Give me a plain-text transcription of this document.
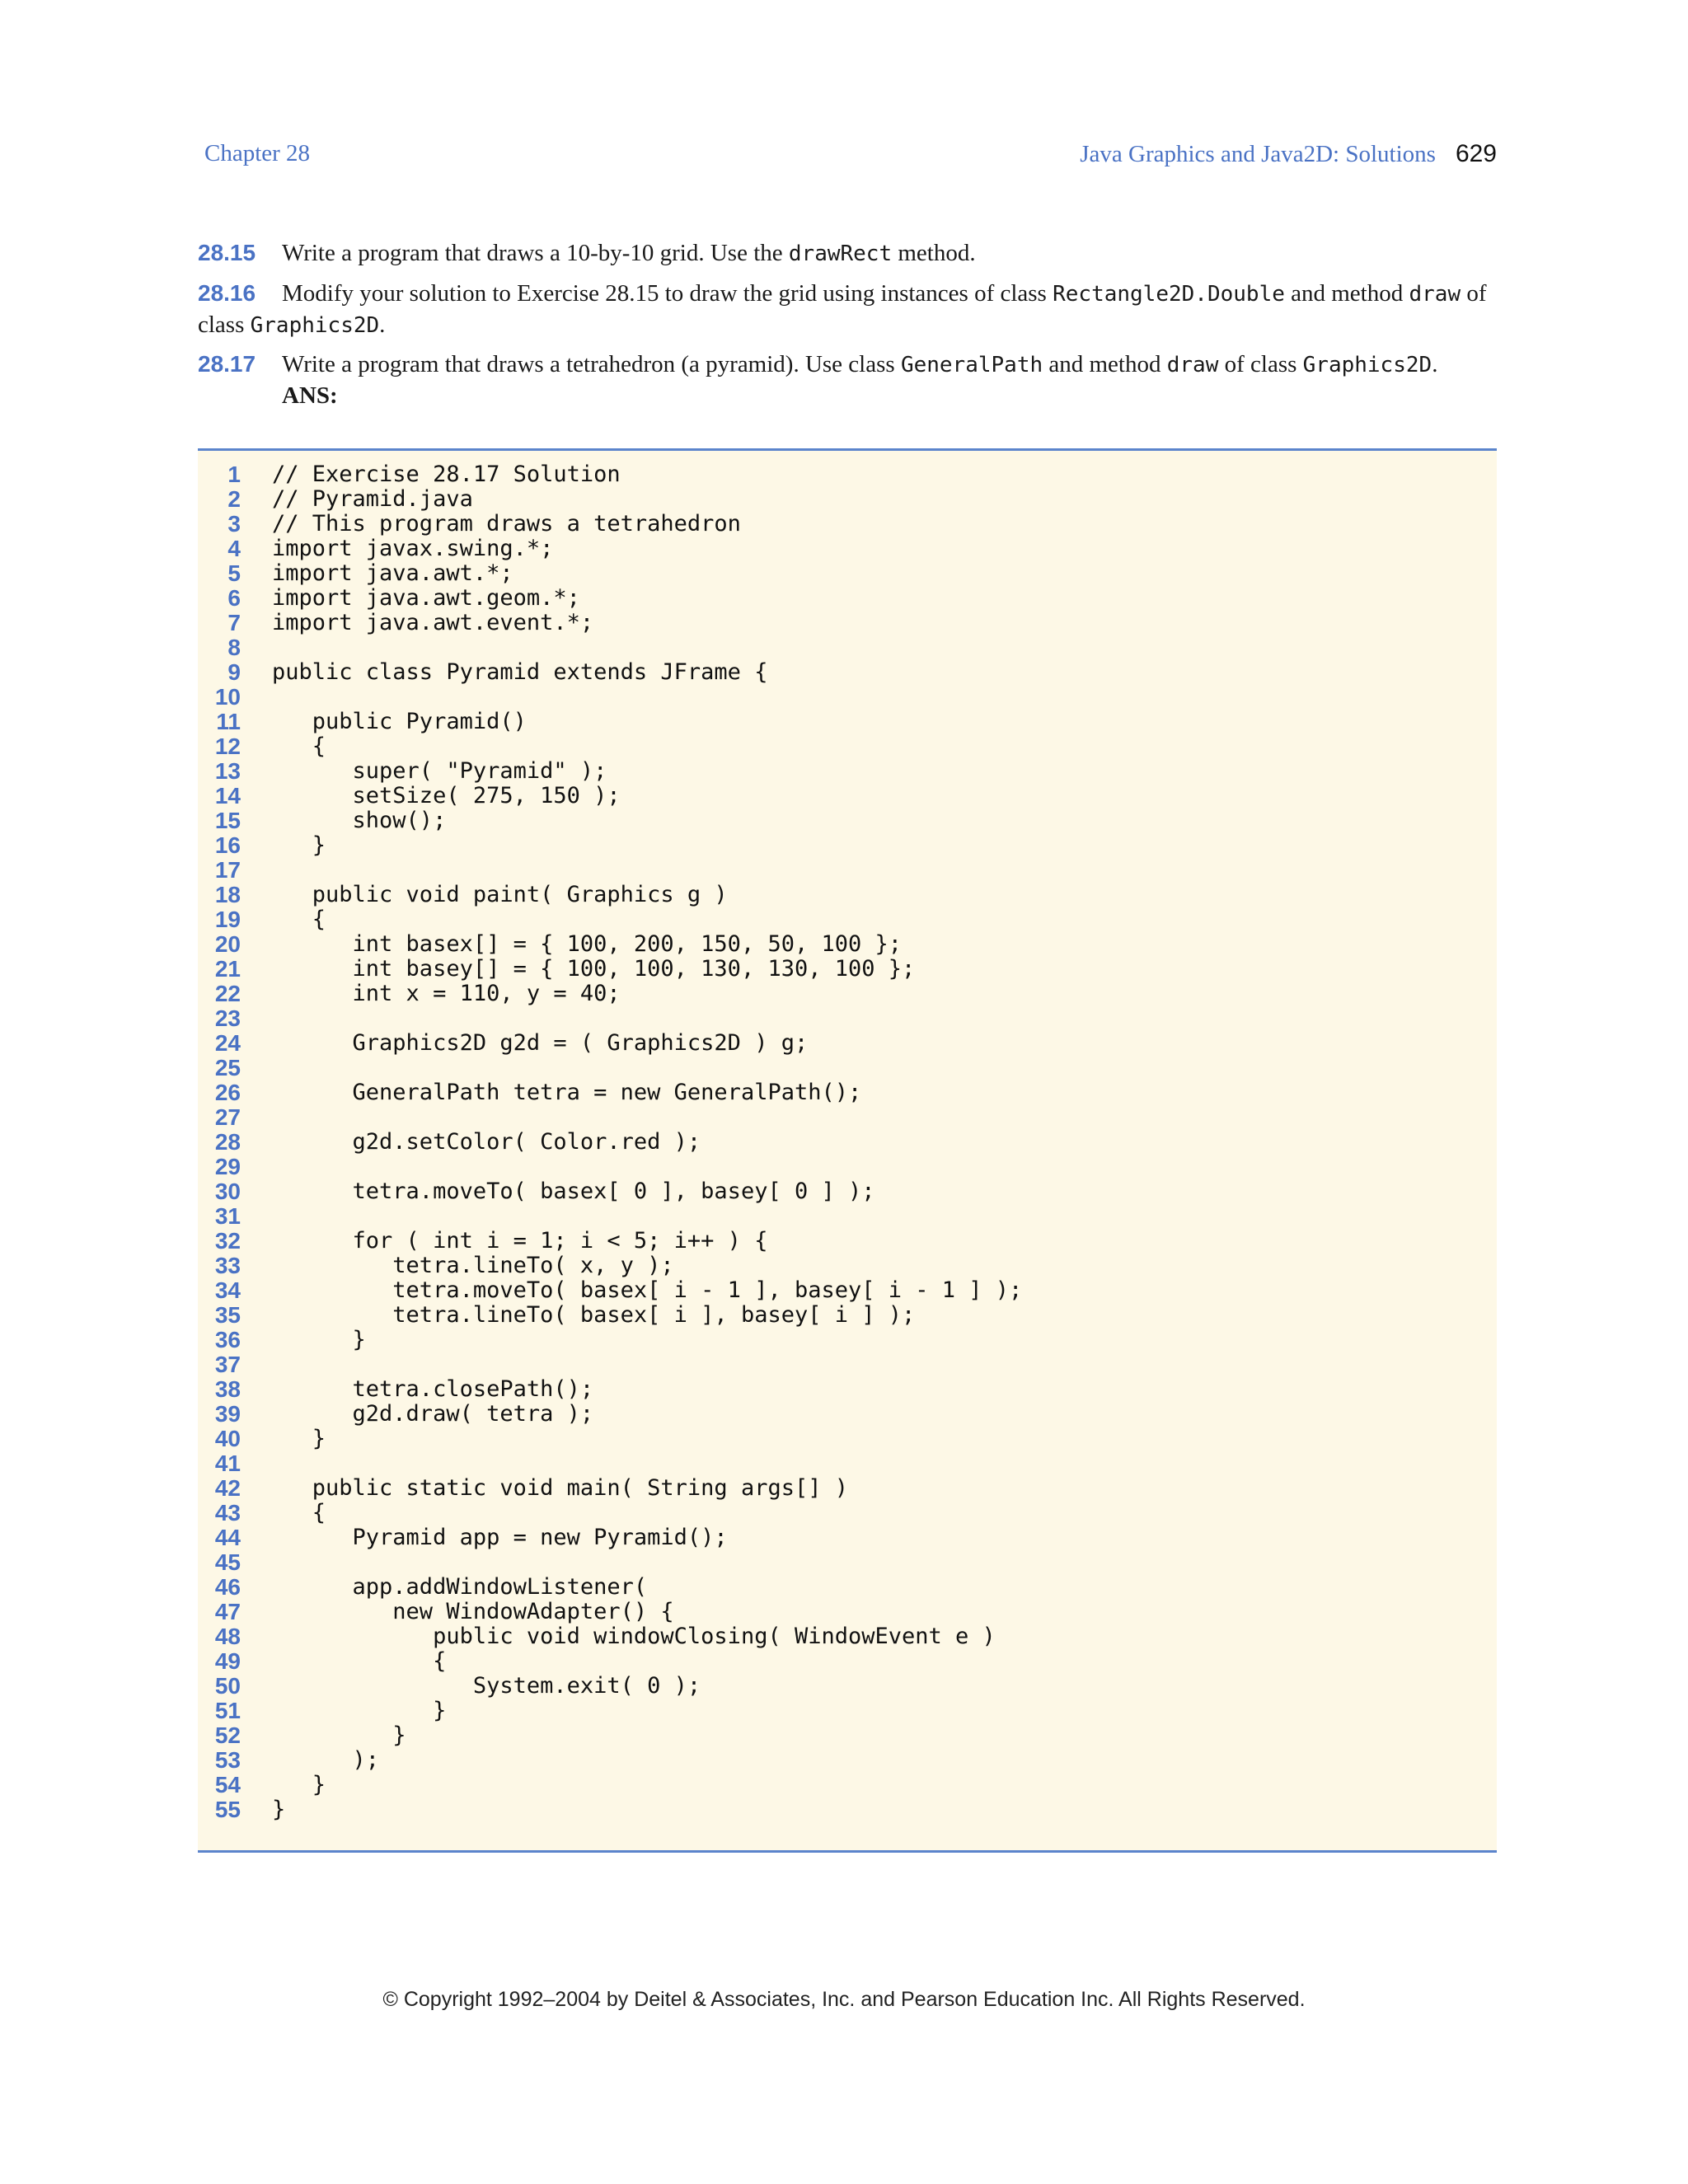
Chapter 28	Java Graphics and Java2D: Solutions 629
28.15 Write a program that draws a 10-by-10 grid. Use the drawRect method.
28.16 Modify your solution to Exercise 28.15 to draw the grid using instances of class Rectangle2D.Double and method draw of class Graphics2D.
28.17 Write a program that draws a tetrahedron (a pyramid). Use class GeneralPath and method draw of class Graphics2D.
ANS:
1 // Exercise 28.17 Solution
2 // Pyramid.java
3 // This program draws a tetrahedron
4 import javax.swing.*;
5 import java.awt.*;
6 import java.awt.geom.*;
7 import java.awt.event.*;
8
9 public class Pyramid extends JFrame {
10
11 public Pyramid()
12 {
13 super( "Pyramid" );
14 setSize( 275, 150 );
15 show();
16 }
17
18 public void paint( Graphics g )
19 {
20 int basex[] = { 100, 200, 150, 50, 100 };
21 int basey[] = { 100, 100, 130, 130, 100 };
22 int x = 110, y = 40;
23
24 Graphics2D g2d = ( Graphics2D ) g;
25
26 GeneralPath tetra = new GeneralPath();
27
28 g2d.setColor( Color.red );
29
30 tetra.moveTo( basex[ 0 ], basey[ 0 ] );
31
32 for ( int i = 1; i < 5; i++ ) {
33 tetra.lineTo( x, y );
34 tetra.moveTo( basex[ i - 1 ], basey[ i - 1 ] );
35 tetra.lineTo( basex[ i ], basey[ i ] );
36 }
37
38 tetra.closePath();
39 g2d.draw( tetra );
40 }
41
42 public static void main( String args[] )
43 {
44 Pyramid app = new Pyramid();
45
46 app.addWindowListener(
47 new WindowAdapter() {
48 public void windowClosing( WindowEvent e )
49 {
50 System.exit( 0 );
51 }
52 }
53 );
54 }
55 }
© Copyright 1992–2004 by Deitel & Associates, Inc. and Pearson Education Inc. All Rights Reserved.
